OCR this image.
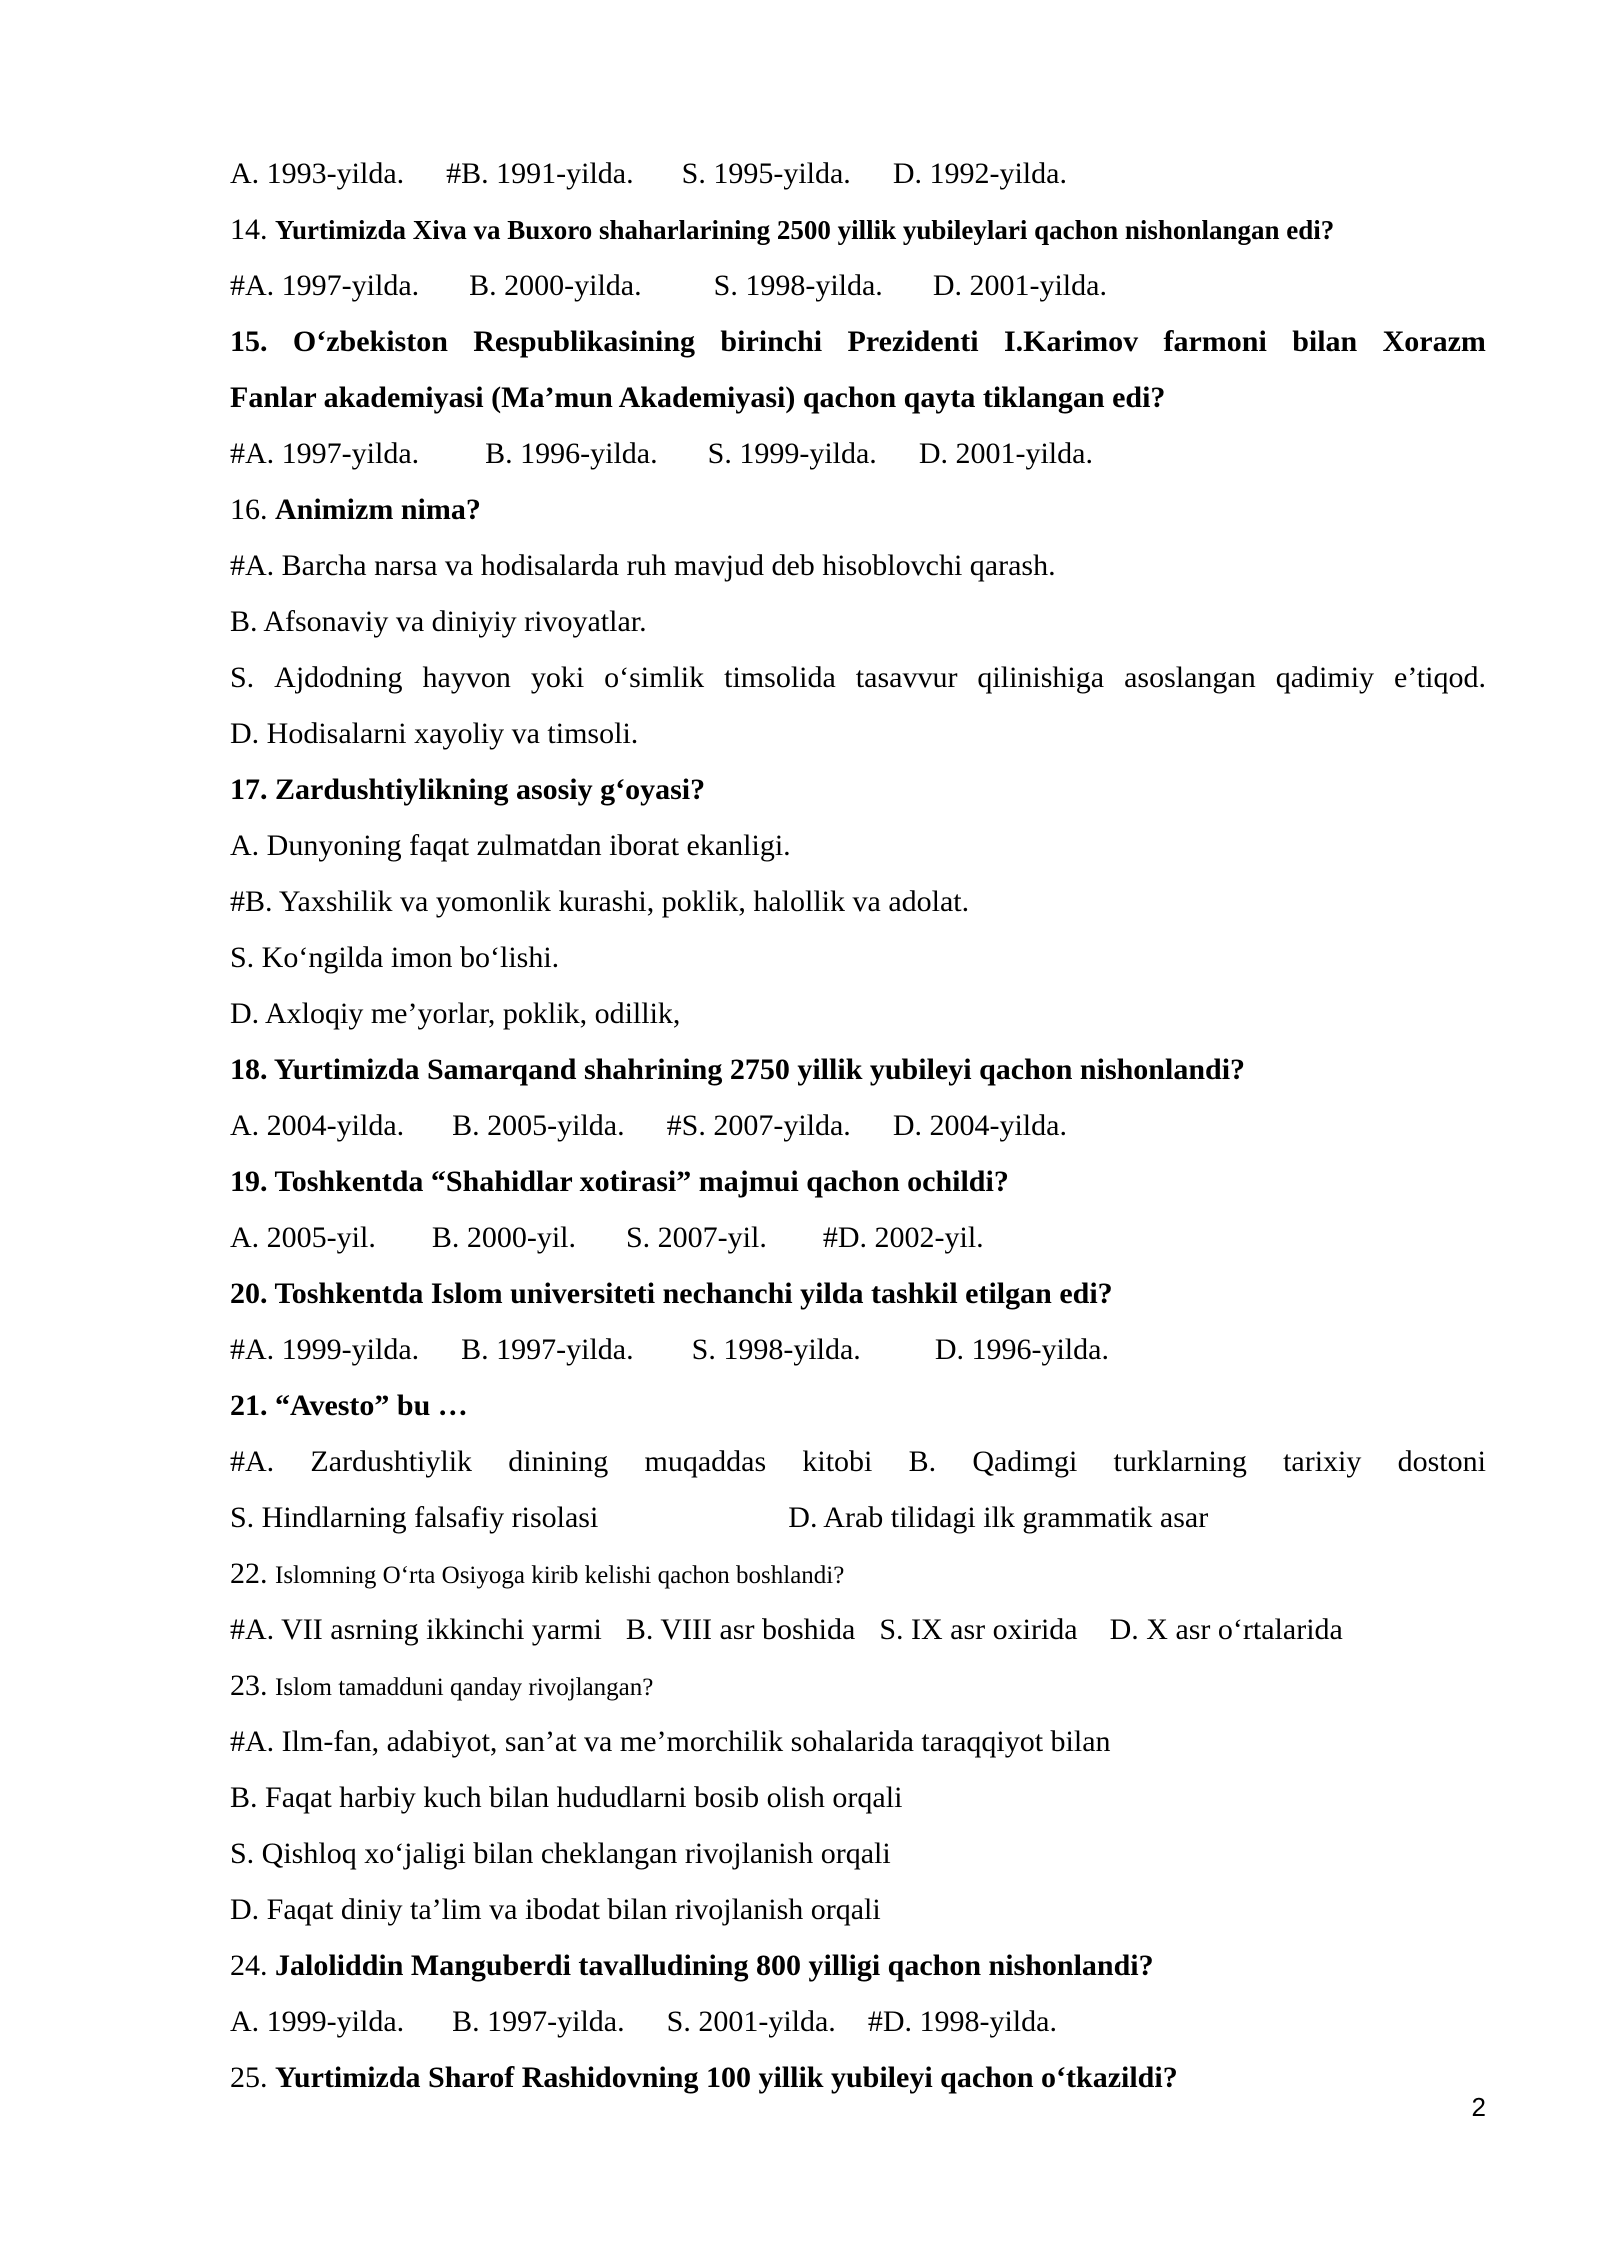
A. 1993-yilda. #B. 1991-yilda. S. 1995-yilda. D. 1992-yilda.
14. Yurtimizda Xiva va Buxoro shaharlarining 2500 yillik yubileylari qachon nishonlangan edi?
#A. 1997-yilda. B. 2000-yilda. S. 1998-yilda. D. 2001-yilda.
15. O‘zbekiston Respublikasining birinchi Prezidenti I.Karimov farmoni bilan Xorazm
Fanlar akademiyasi (Ma’mun Akademiyasi) qachon qayta tiklangan edi?
#A. 1997-yilda. B. 1996-yilda. S. 1999-yilda. D. 2001-yilda.
16. Animizm nima?
#A. Barcha narsa va hodisalarda ruh mavjud deb hisoblovchi qarash.
B. Afsonaviy va diniyiy rivoyatlar.
S. Ajdodning hayvon yoki o‘simlik timsolida tasavvur qilinishiga asoslangan qadimiy e’tiqod.
D. Hodisalarni xayoliy va timsoli.
17. Zardushtiylikning asosiy g‘oyasi?
A. Dunyoning faqat zulmatdan iborat ekanligi.
#B. Yaxshilik va yomonlik kurashi, poklik, halollik va adolat.
S. Ko‘ngilda imon bo‘lishi.
D. Axloqiy me’yorlar, poklik, odillik,
18. Yurtimizda Samarqand shahrining 2750 yillik yubileyi qachon nishonlandi?
A. 2004-yilda. B. 2005-yilda. #S. 2007-yilda. D. 2004-yilda.
19. Toshkentda “Shahidlar xotirasi” majmui qachon ochildi?
A. 2005-yil. B. 2000-yil. S. 2007-yil. #D. 2002-yil.
20. Toshkentda Islom universiteti nechanchi yilda tashkil etilgan edi?
#A. 1999-yilda. B. 1997-yilda. S. 1998-yilda. D. 1996-yilda.
21. “Avesto” bu …
#A. Zardushtiylik dinining muqaddas kitobi B. Qadimgi turklarning tarixiy dostoni
S. Hindlarning falsafiy risolasi	D. Arab tilidagi ilk grammatik asar
22. Islomning O‘rta Osiyoga kirib kelishi qachon boshlandi?
#A. VII asrning ikkinchi yarmi B. VIII asr boshida S. IX asr oxirida D. X asr o‘rtalarida
23. Islom tamadduni qanday rivojlangan?
#A. Ilm-fan, adabiyot, san’at va me’morchilik sohalarida taraqqiyot bilan
B. Faqat harbiy kuch bilan hududlarni bosib olish orqali
S. Qishloq xo‘jaligi bilan cheklangan rivojlanish orqali
D. Faqat diniy ta’lim va ibodat bilan rivojlanish orqali
24. Jaloliddin Manguberdi tavalludining 800 yilligi qachon nishonlandi?
A. 1999-yilda. B. 1997-yilda. S. 2001-yilda. #D. 1998-yilda.
25. Yurtimizda Sharof Rashidovning 100 yillik yubileyi qachon o‘tkazildi?
2
